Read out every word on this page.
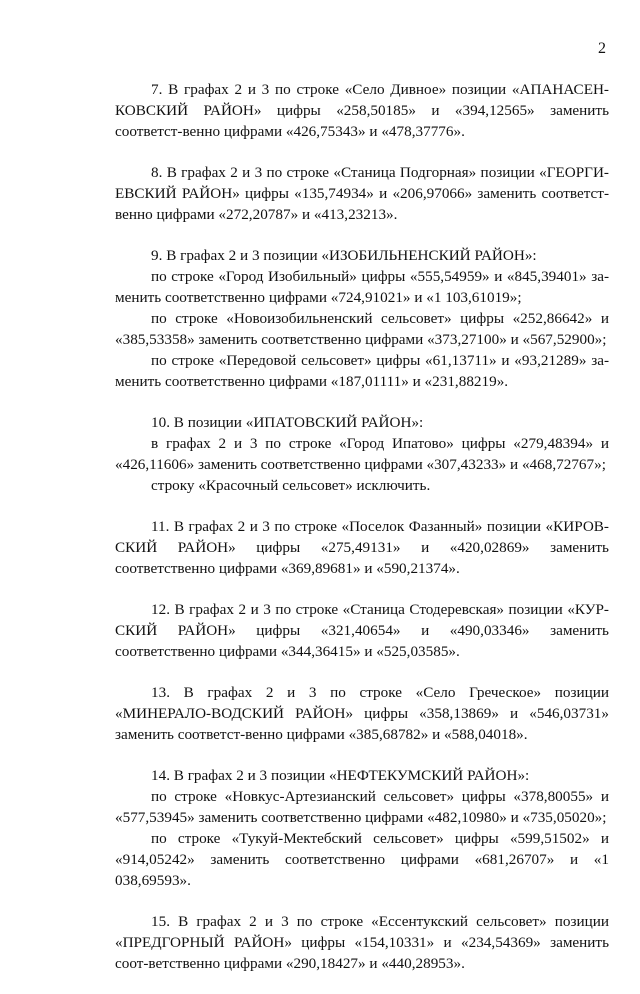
2

7. В графах 2 и 3 по строке «Село Дивное» позиции «АПАНАСЕН-КОВСКИЙ РАЙОН» цифры «258,50185» и «394,12565» заменить соответст-венно цифрами «426,75343» и «478,37776».

8. В графах 2 и 3 по строке «Станица Подгорная» позиции «ГЕОРГИ-ЕВСКИЙ РАЙОН» цифры «135,74934» и «206,97066» заменить соответст-венно цифрами «272,20787» и «413,23213».

9. В графах 2 и 3 позиции «ИЗОБИЛЬНЕНСКИЙ РАЙОН»:

по строке «Город Изобильный» цифры «555,54959» и «845,39401» за-менить соответственно цифрами «724,91021» и «1 103,61019»;

по строке «Новоизобильненский сельсовет» цифры «252,86642» и «385,53358» заменить соответственно цифрами «373,27100» и «567,52900»;

по строке «Передовой сельсовет» цифры «61,13711» и «93,21289» за-менить соответственно цифрами «187,01111» и «231,88219».

10. В позиции «ИПАТОВСКИЙ РАЙОН»:

в графах 2 и 3 по строке «Город Ипатово» цифры «279,48394» и «426,11606» заменить соответственно цифрами «307,43233» и «468,72767»;

строку «Красочный сельсовет» исключить.

11. В графах 2 и 3 по строке «Поселок Фазанный» позиции «КИРОВ-СКИЙ РАЙОН» цифры «275,49131» и «420,02869» заменить соответственно цифрами «369,89681» и «590,21374».

12. В графах 2 и 3 по строке «Станица Стодеревская» позиции «КУР-СКИЙ РАЙОН» цифры «321,40654» и «490,03346» заменить соответственно цифрами «344,36415» и «525,03585».

13. В графах 2 и 3 по строке «Село Греческое» позиции «МИНЕРАЛО-ВОДСКИЙ РАЙОН» цифры «358,13869» и «546,03731» заменить соответст-венно цифрами «385,68782» и «588,04018».

14. В графах 2 и 3 позиции «НЕФТЕКУМСКИЙ РАЙОН»:

по строке «Новкус-Артезианский сельсовет» цифры «378,80055» и «577,53945» заменить соответственно цифрами «482,10980» и «735,05020»;

по строке «Тукуй-Мектебский сельсовет» цифры «599,51502» и «914,05242» заменить соответственно цифрами «681,26707» и «1 038,69593».

15. В графах 2 и 3 по строке «Ессентукский сельсовет» позиции «ПРЕДГОРНЫЙ РАЙОН» цифры «154,10331» и «234,54369» заменить соот-ветственно цифрами «290,18427» и «440,28953».
